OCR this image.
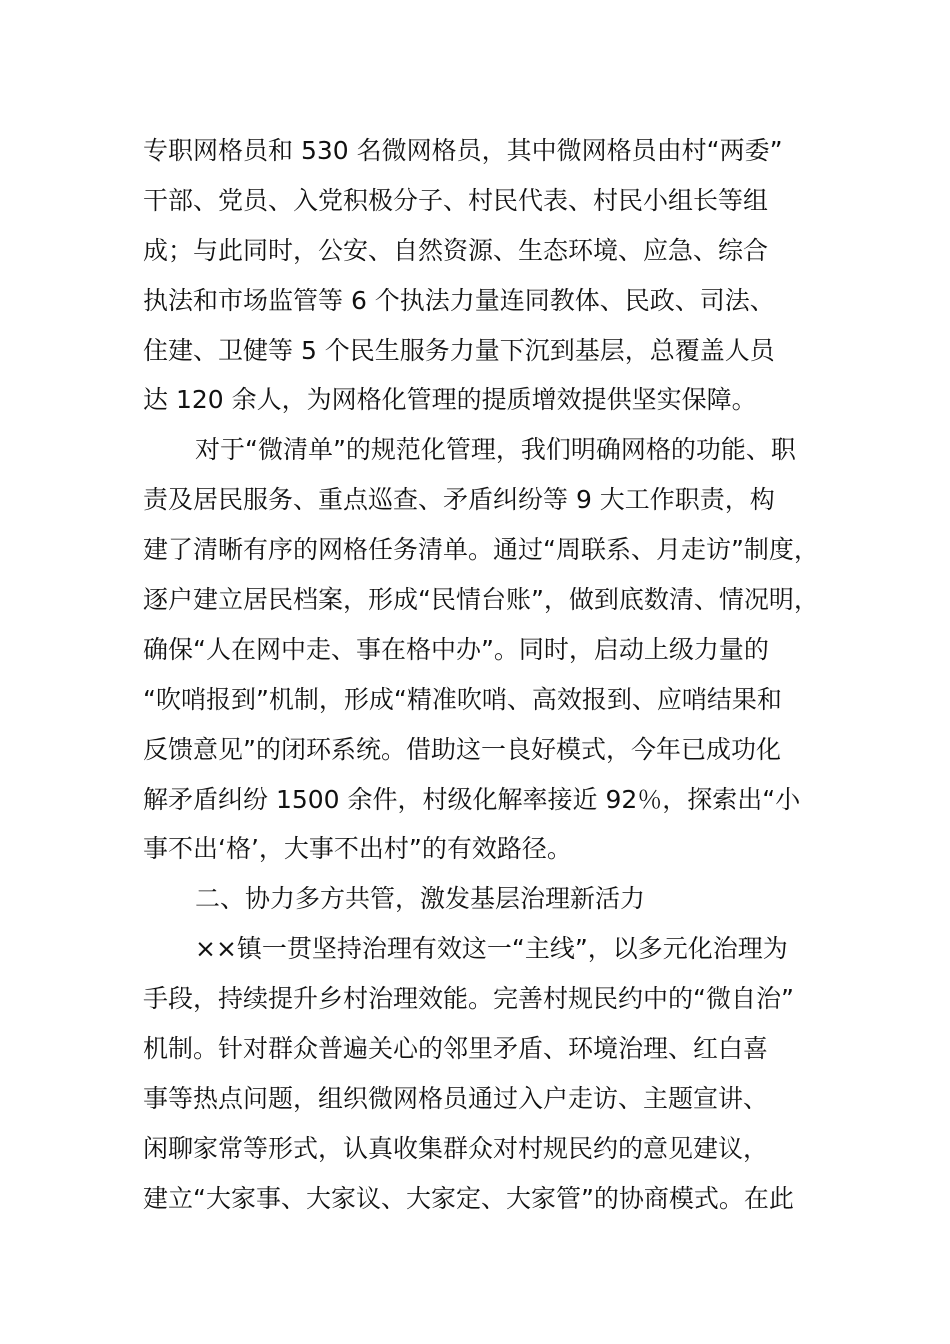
专职网格员和 530 名微网格员，其中微网格员由村“两委”
干部、党员、入党积极分子、村民代表、村民小组长等组
成；与此同时，公安、自然资源、生态环境、应急、综合
执法和市场监管等 6 个执法力量连同教体、民政、司法、
住建、卫健等 5 个民生服务力量下沉到基层，总覆盖人员
达 120 余人，为网格化管理的提质增效提供坚实保障。
对于“微清单”的规范化管理，我们明确网格的功能、职
责及居民服务、重点巡查、矛盾纠纷等 9 大工作职责，构
建了清晰有序的网格任务清单。通过“周联系、月走访”制度，
逐户建立居民档案，形成“民情台账”，做到底数清、情况明，
确保“人在网中走、事在格中办”。同时，启动上级力量的
“吹哨报到”机制，形成“精准吹哨、高效报到、应哨结果和
反馈意见”的闭环系统。借助这一良好模式，今年已成功化
解矛盾纠纷 1500 余件，村级化解率接近 92％，探索出“小
事不出‘格’，大事不出村”的有效路径。
二、协力多方共管，激发基层治理新活力
××镇一贯坚持治理有效这一“主线”，以多元化治理为
手段，持续提升乡村治理效能。完善村规民约中的“微自治”
机制。针对群众普遍关心的邻里矛盾、环境治理、红白喜
事等热点问题，组织微网格员通过入户走访、主题宣讲、
闲聊家常等形式，认真收集群众对村规民约的意见建议，
建立“大家事、大家议、大家定、大家管”的协商模式。在此
